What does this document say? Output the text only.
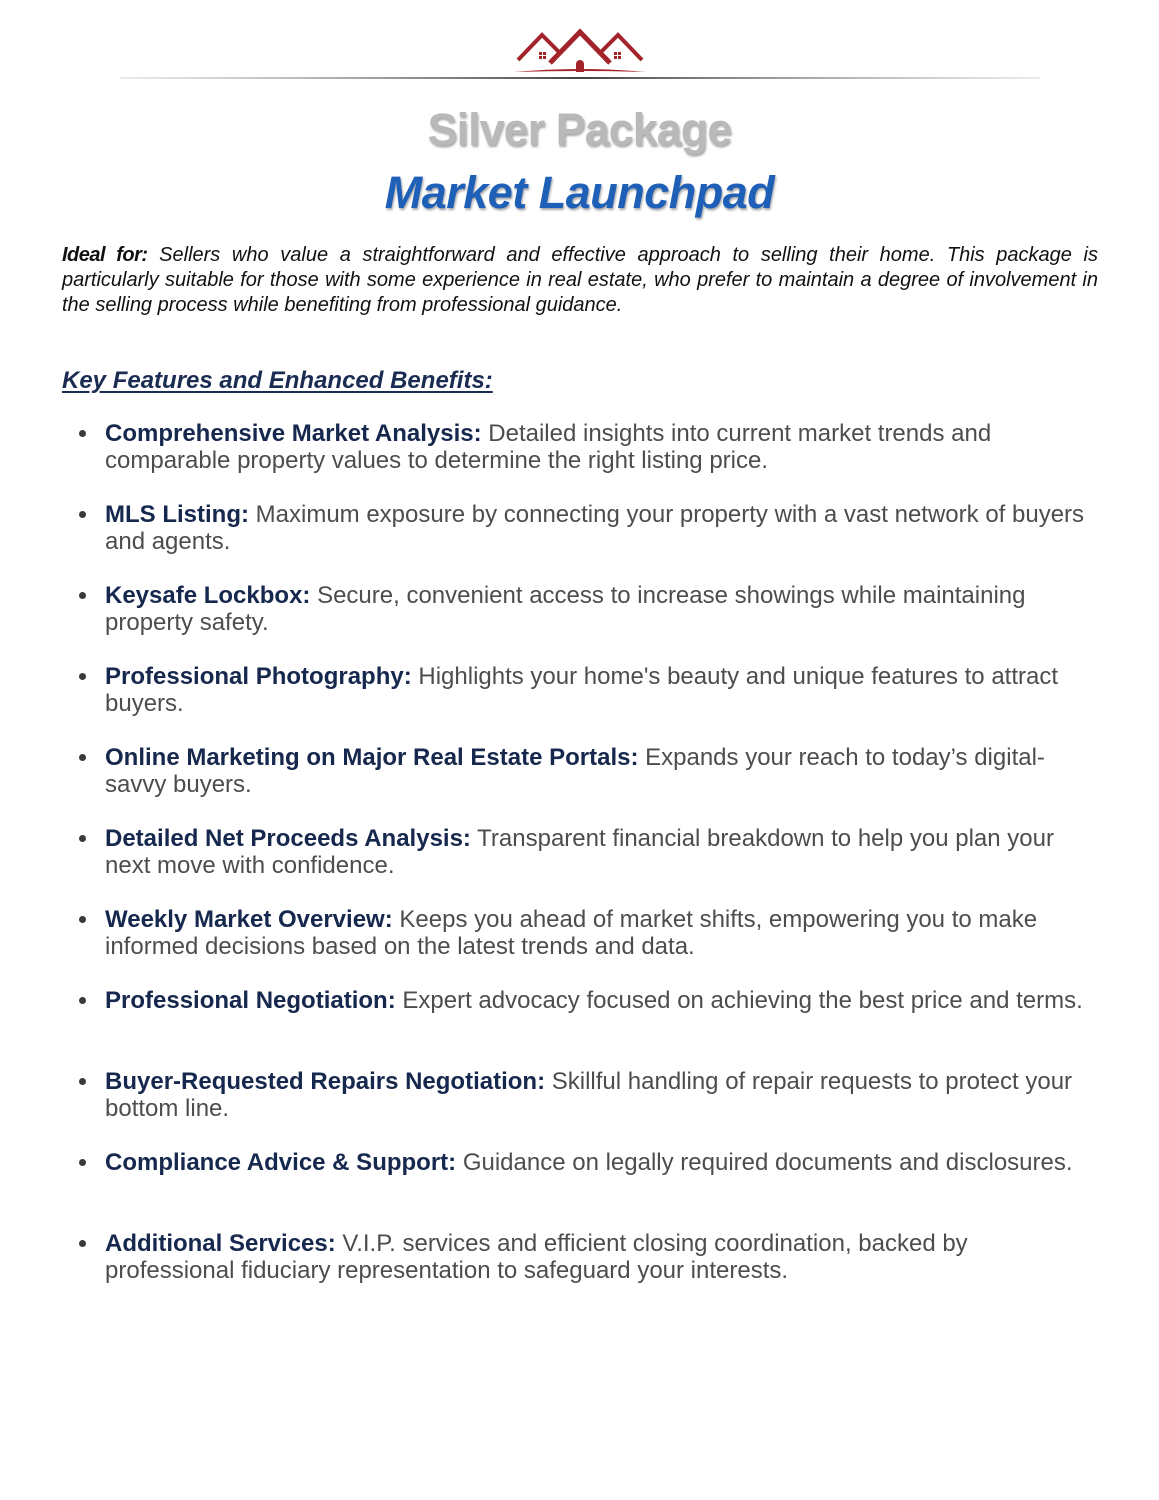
Silver Package
Market Launchpad
Ideal for: Sellers who value a straightforward and effective approach to selling their home. This package is particularly suitable for those with some experience in real estate, who prefer to maintain a degree of involvement in the selling process while benefiting from professional guidance.
Key Features and Enhanced Benefits:
Comprehensive Market Analysis: Detailed insights into current market trends and comparable property values to determine the right listing price.
MLS Listing: Maximum exposure by connecting your property with a vast network of buyers and agents.
Keysafe Lockbox: Secure, convenient access to increase showings while maintaining property safety.
Professional Photography: Highlights your home's beauty and unique features to attract buyers.
Online Marketing on Major Real Estate Portals: Expands your reach to today’s digital-savvy buyers.
Detailed Net Proceeds Analysis: Transparent financial breakdown to help you plan your next move with confidence.
Weekly Market Overview: Keeps you ahead of market shifts, empowering you to make informed decisions based on the latest trends and data.
Professional Negotiation: Expert advocacy focused on achieving the best price and terms.
Buyer-Requested Repairs Negotiation: Skillful handling of repair requests to protect your bottom line.
Compliance Advice & Support: Guidance on legally required documents and disclosures.
Additional Services: V.I.P. services and efficient closing coordination, backed by professional fiduciary representation to safeguard your interests.
